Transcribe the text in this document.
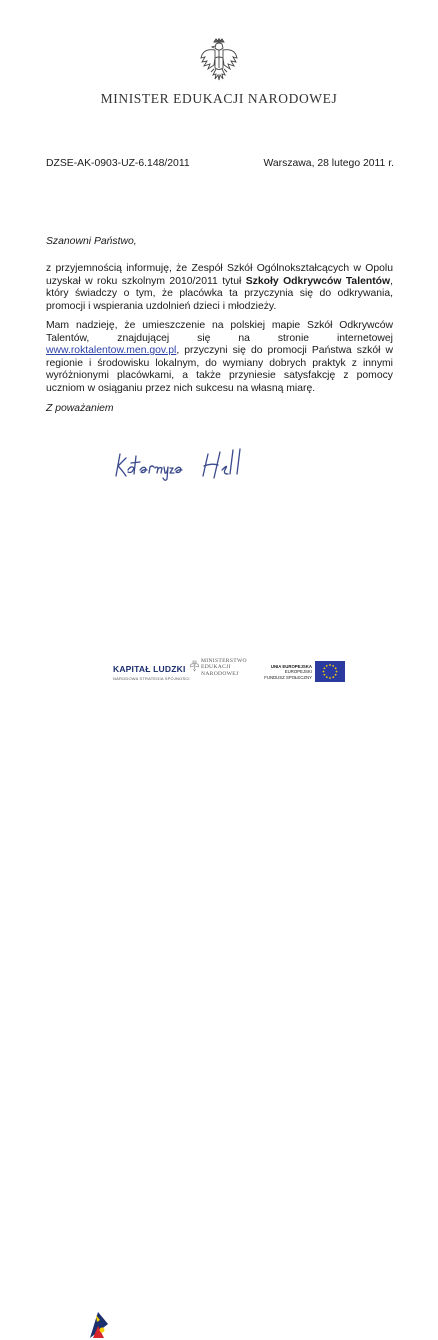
MINISTER EDUKACJI NARODOWEJ
DZSE-AK-0903-UZ-6.148/2011	Warszawa, 28 lutego 2011 r.
Szanowni Państwo,
z przyjemnością informuję, że Zespół Szkół Ogólnokształcących w Opolu uzyskał w roku szkolnym 2010/2011 tytuł Szkoły Odkrywców Talentów, który świadczy o tym, że placówka ta przyczynia się do odkrywania, promocji i wspierania uzdolnień dzieci i młodzieży.
Mam nadzieję, że umieszczenie na polskiej mapie Szkół Odkrywców Talentów, znajdującej się na stronie internetowej www.roktalentow.men.gov.pl, przyczyni się do promocji Państwa szkół w regionie i środowisku lokalnym, do wymiany dobrych praktyk z innymi wyróżnionymi placówkami, a także przyniesie satysfakcję z pomocy uczniom w osiąganiu przez nich sukcesu na własną miarę.
Z poważaniem
KAPITAŁ LUDZKI
NARODOWA STRATEGIA SPÓJNOŚCI
MINISTERSTWO
EDUKACJI
NARODOWEJ
UNIA EUROPEJSKA
EUROPEJSKI
FUNDUSZ SPOŁECZNY
